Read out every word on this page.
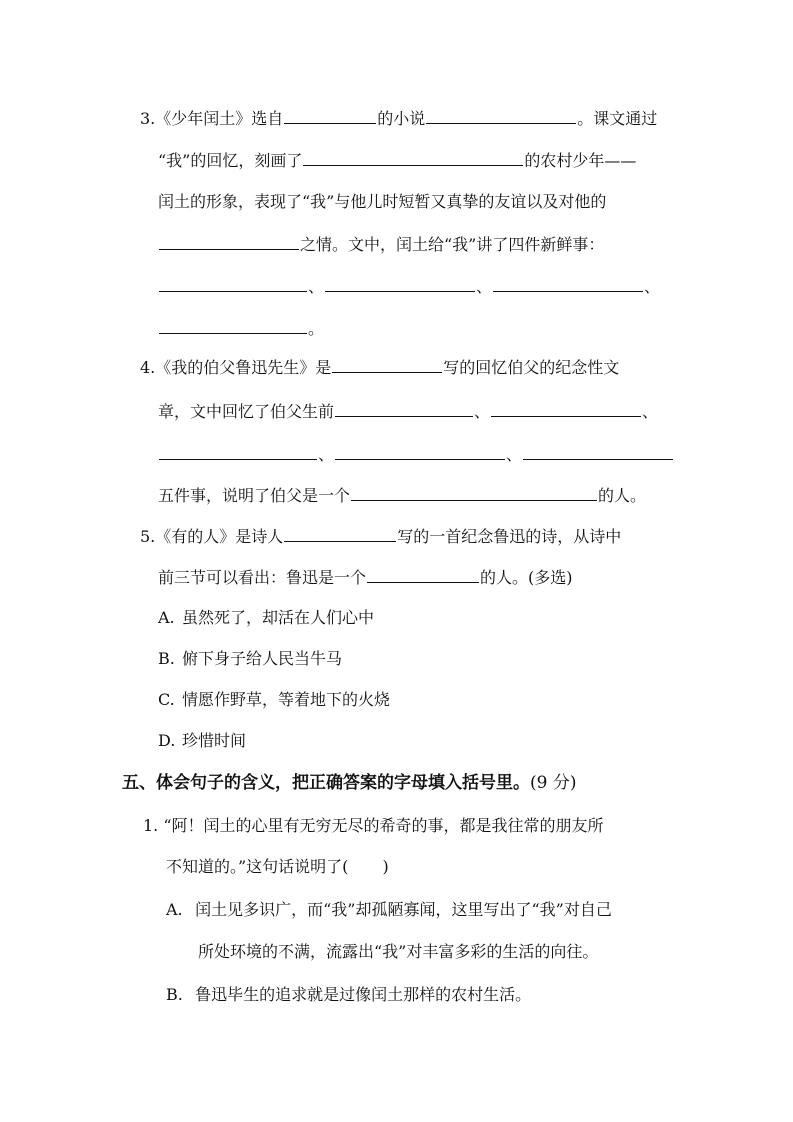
3.《少年闰土》选自	的小说	。课文通过
“我”的回忆，刻画了	的农村少年——
闰土的形象，表现了“我”与他儿时短暂又真挚的友谊以及对他的
之情。文中，闰土给“我”讲了四件新鲜事：
、	、	、
。
4.《我的伯父鲁迅先生》是	写的回忆伯父的纪念性文
章，文中回忆了伯父生前	、	、
、	、
五件事，说明了伯父是一个	的人。
5.《有的人》是诗人	写的一首纪念鲁迅的诗，从诗中
前三节可以看出：鲁迅是一个	的人。(多选)
A. 虽然死了，却活在人们心中
B. 俯下身子给人民当牛马
C. 情愿作野草，等着地下的火烧
D. 珍惜时间
五、体会句子的含义，把正确答案的字母填入括号里。(9 分)
1. “阿！闰土的心里有无穷无尽的希奇的事，都是我往常的朋友所
不知道的。”这句话说明了( )
A. 闰土见多识广，而“我”却孤陋寡闻，这里写出了“我”对自己
所处环境的不满，流露出“我”对丰富多彩的生活的向往。
B. 鲁迅毕生的追求就是过像闰土那样的农村生活。
